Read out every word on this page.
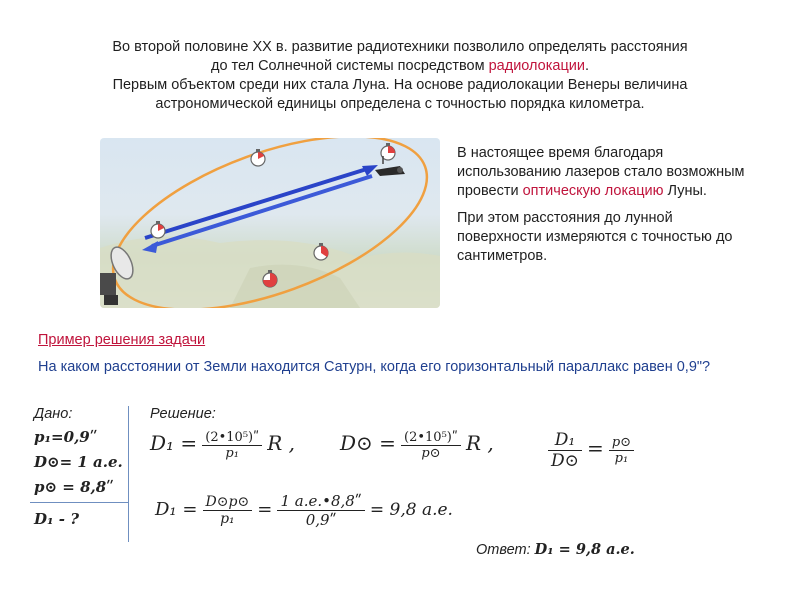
Во второй половине XX в. развитие радиотехники позволило определять расстояния

до тел Солнечной системы посредством радиолокации.

Первым объектом среди них стала Луна. На основе радиолокации Венеры величина

астрономической единицы определена с точностью порядка километра.

В настоящее время благодаря использованию лазеров стало возможным провести оптическую локацию Луны.

При этом расстояния до лунной поверхности измеряются с точностью до сантиметров.

Пример решения задачи
На каком расстоянии от Земли находится Сатурн, когда его горизонтальный параллакс равен 0,9"?
Дано:	Решение:
p₁=0,9ʺ
D⊙= 1 а.е.
p⊙ = 8,8ʺ
D₁ - ?
$D_1 = \frac{\text{(2•10⁵)ʺ}}{\text{p₁}}$ R , D⊙ = $\frac{\text{(2•10⁵)ʺ}}{p⊙}$ R ,	$\frac{\text{D₁}}{D⊙} = \frac{p⊙}{\text{p₁}}$
$D_1 = \frac{D⊙p⊙}{\text{p₁}} = \frac{\text{1 а.е.•8,8ʺ}}{\text{0,9ʺ}} = 9,8$ а.е.
Ответ: D₁ = 9,8 а.е.
